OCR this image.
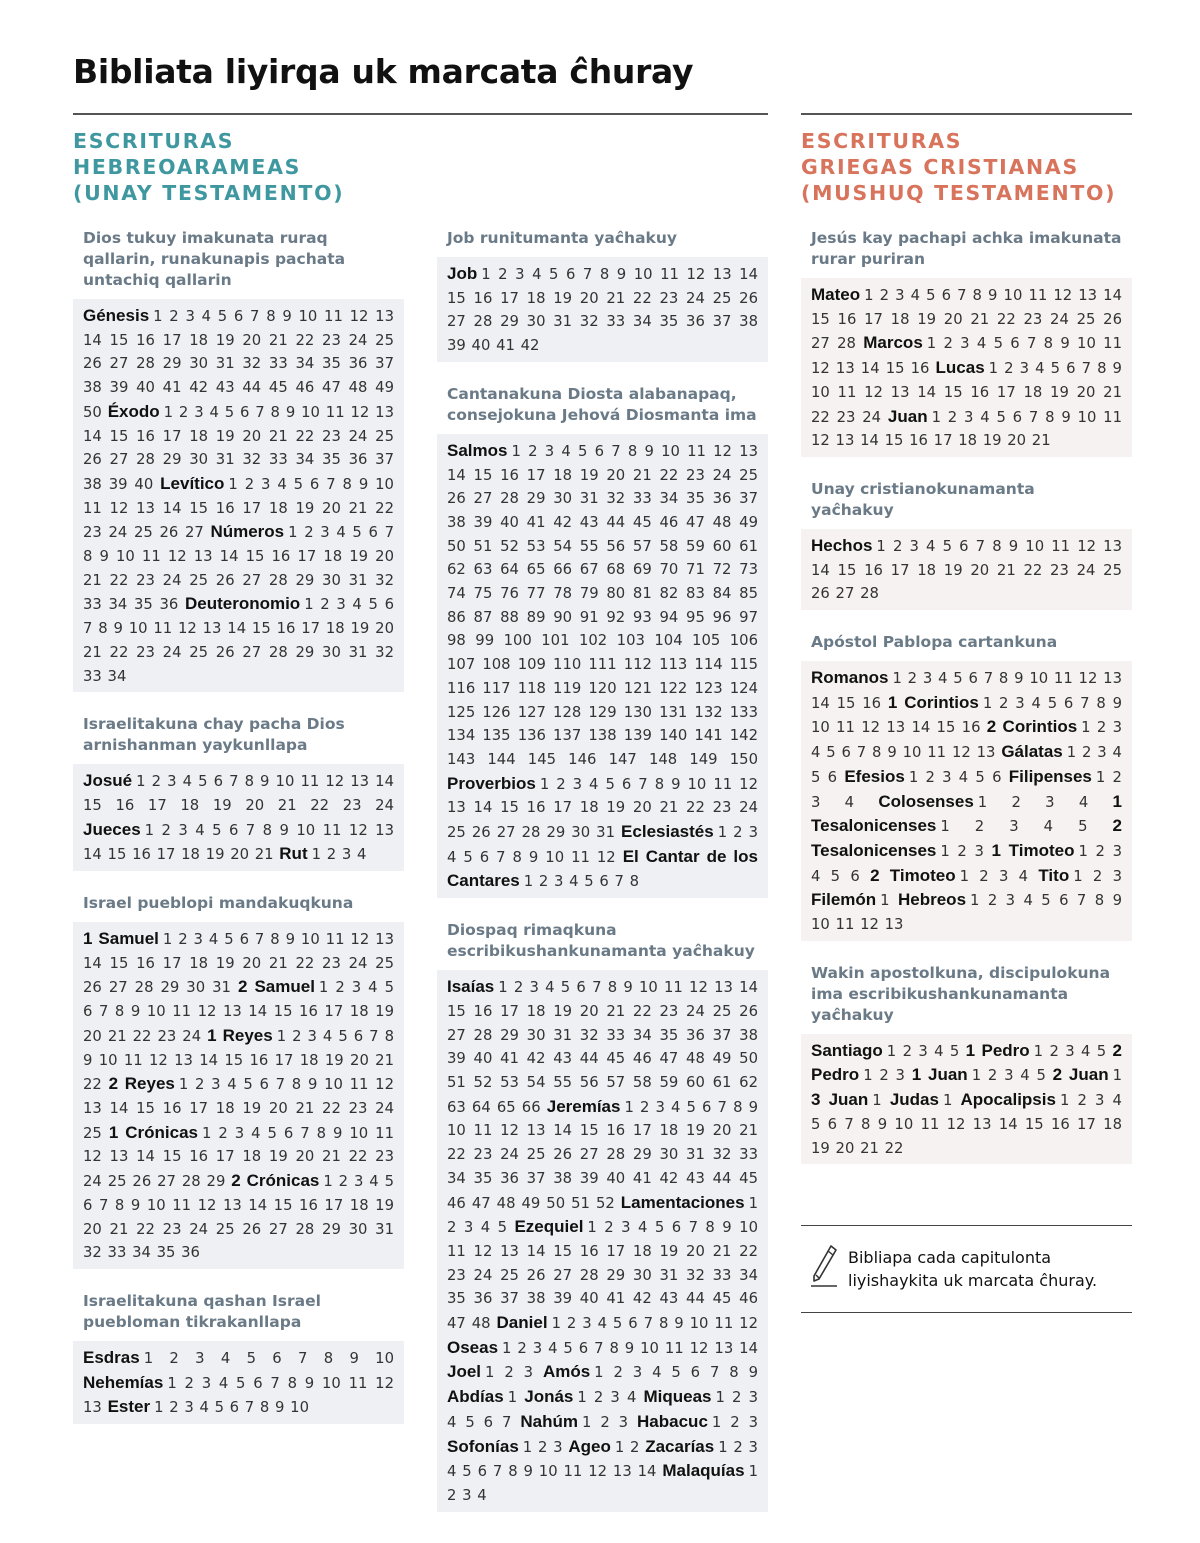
Bibliata liyirqa uk marcata ĉhuray
ESCRITURAS
HEBREOARAMEAS
(UNAY TESTAMENTO)
ESCRITURAS
GRIEGAS CRISTIANAS
(MUSHUQ TESTAMENTO)
Dios tukuy imakunata ruraq qallarin, runakunapis pachata untachiq qallarin
Génesis 1 2 3 4 5 6 7 8 9 10 11 12 13 14 15 16 17 18 19 20 21 22 23 24 25 26 27 28 29 30 31 32 33 34 35 36 37 38 39 40 41 42 43 44 45 46 47 48 49 50 Éxodo 1 2 3 4 5 6 7 8 9 10 11 12 13 14 15 16 17 18 19 20 21 22 23 24 25 26 27 28 29 30 31 32 33 34 35 36 37 38 39 40 Levítico 1 2 3 4 5 6 7 8 9 10 11 12 13 14 15 16 17 18 19 20 21 22 23 24 25 26 27 Números 1 2 3 4 5 6 7 8 9 10 11 12 13 14 15 16 17 18 19 20 21 22 23 24 25 26 27 28 29 30 31 32 33 34 35 36 Deuteronomio 1 2 3 4 5 6 7 8 9 10 11 12 13 14 15 16 17 18 19 20 21 22 23 24 25 26 27 28 29 30 31 32 33 34
Israelitakuna chay pacha Dios arnishanman yaykunllapa
Josué 1 2 3 4 5 6 7 8 9 10 11 12 13 14 15 16 17 18 19 20 21 22 23 24 Jueces 1 2 3 4 5 6 7 8 9 10 11 12 13 14 15 16 17 18 19 20 21 Rut 1 2 3 4
Israel pueblopi mandakuqkuna
1 Samuel 1 2 3 4 5 6 7 8 9 10 11 12 13 14 15 16 17 18 19 20 21 22 23 24 25 26 27 28 29 30 31 2 Samuel 1 2 3 4 5 6 7 8 9 10 11 12 13 14 15 16 17 18 19 20 21 22 23 24 1 Reyes 1 2 3 4 5 6 7 8 9 10 11 12 13 14 15 16 17 18 19 20 21 22 2 Reyes 1 2 3 4 5 6 7 8 9 10 11 12 13 14 15 16 17 18 19 20 21 22 23 24 25 1 Crónicas 1 2 3 4 5 6 7 8 9 10 11 12 13 14 15 16 17 18 19 20 21 22 23 24 25 26 27 28 29 2 Crónicas 1 2 3 4 5 6 7 8 9 10 11 12 13 14 15 16 17 18 19 20 21 22 23 24 25 26 27 28 29 30 31 32 33 34 35 36
Israelitakuna qashan Israel puebloman tikrakanllapa
Esdras 1 2 3 4 5 6 7 8 9 10 Nehemías 1 2 3 4 5 6 7 8 9 10 11 12 13 Ester 1 2 3 4 5 6 7 8 9 10
Job runitumanta yaĉhakuy
Job 1 2 3 4 5 6 7 8 9 10 11 12 13 14 15 16 17 18 19 20 21 22 23 24 25 26 27 28 29 30 31 32 33 34 35 36 37 38 39 40 41 42
Cantanakuna Diosta alabanapaq, consejokuna Jehová Diosmanta ima
Salmos 1 2 3 4 5 6 7 8 9 10 11 12 13 14 15 16 17 18 19 20 21 22 23 24 25 26 27 28 29 30 31 32 33 34 35 36 37 38 39 40 41 42 43 44 45 46 47 48 49 50 51 52 53 54 55 56 57 58 59 60 61 62 63 64 65 66 67 68 69 70 71 72 73 74 75 76 77 78 79 80 81 82 83 84 85 86 87 88 89 90 91 92 93 94 95 96 97 98 99 100 101 102 103 104 105 106 107 108 109 110 111 112 113 114 115 116 117 118 119 120 121 122 123 124 125 126 127 128 129 130 131 132 133 134 135 136 137 138 139 140 141 142 143 144 145 146 147 148 149 150 Proverbios 1 2 3 4 5 6 7 8 9 10 11 12 13 14 15 16 17 18 19 20 21 22 23 24 25 26 27 28 29 30 31 Eclesiastés 1 2 3 4 5 6 7 8 9 10 11 12 El Cantar de los Cantares 1 2 3 4 5 6 7 8
Diospaq rimaqkuna escribikushankunamanta yaĉhakuy
Isaías 1 2 3 4 5 6 7 8 9 10 11 12 13 14 15 16 17 18 19 20 21 22 23 24 25 26 27 28 29 30 31 32 33 34 35 36 37 38 39 40 41 42 43 44 45 46 47 48 49 50 51 52 53 54 55 56 57 58 59 60 61 62 63 64 65 66 Jeremías 1 2 3 4 5 6 7 8 9 10 11 12 13 14 15 16 17 18 19 20 21 22 23 24 25 26 27 28 29 30 31 32 33 34 35 36 37 38 39 40 41 42 43 44 45 46 47 48 49 50 51 52 Lamentaciones 1 2 3 4 5 Ezequiel 1 2 3 4 5 6 7 8 9 10 11 12 13 14 15 16 17 18 19 20 21 22 23 24 25 26 27 28 29 30 31 32 33 34 35 36 37 38 39 40 41 42 43 44 45 46 47 48 Daniel 1 2 3 4 5 6 7 8 9 10 11 12 Oseas 1 2 3 4 5 6 7 8 9 10 11 12 13 14 Joel 1 2 3 Amós 1 2 3 4 5 6 7 8 9 Abdías 1 Jonás 1 2 3 4 Miqueas 1 2 3 4 5 6 7 Nahúm 1 2 3 Habacuc 1 2 3 Sofonías 1 2 3 Ageo 1 2 Zacarías 1 2 3 4 5 6 7 8 9 10 11 12 13 14 Malaquías 1 2 3 4
Jesús kay pachapi achka imakunata rurar puriran
Mateo 1 2 3 4 5 6 7 8 9 10 11 12 13 14 15 16 17 18 19 20 21 22 23 24 25 26 27 28 Marcos 1 2 3 4 5 6 7 8 9 10 11 12 13 14 15 16 Lucas 1 2 3 4 5 6 7 8 9 10 11 12 13 14 15 16 17 18 19 20 21 22 23 24 Juan 1 2 3 4 5 6 7 8 9 10 11 12 13 14 15 16 17 18 19 20 21
Unay cristianokunamanta yaĉhakuy
Hechos 1 2 3 4 5 6 7 8 9 10 11 12 13 14 15 16 17 18 19 20 21 22 23 24 25 26 27 28
Apóstol Pablopa cartankuna
Romanos 1 2 3 4 5 6 7 8 9 10 11 12 13 14 15 16 1 Corintios 1 2 3 4 5 6 7 8 9 10 11 12 13 14 15 16 2 Corintios 1 2 3 4 5 6 7 8 9 10 11 12 13 Gálatas 1 2 3 4 5 6 Efesios 1 2 3 4 5 6 Filipenses 1 2 3 4 Colosenses 1 2 3 4 1 Tesalonicenses 1 2 3 4 5 2 Tesalonicenses 1 2 3 1 Timoteo 1 2 3 4 5 6 2 Timoteo 1 2 3 4 Tito 1 2 3 Filemón 1 Hebreos 1 2 3 4 5 6 7 8 9 10 11 12 13
Wakin apostolkuna, discipulokuna ima escribikushankunamanta yaĉhakuy
Santiago 1 2 3 4 5 1 Pedro 1 2 3 4 5 2 Pedro 1 2 3 1 Juan 1 2 3 4 5 2 Juan 1 3 Juan 1 Judas 1 Apocalipsis 1 2 3 4 5 6 7 8 9 10 11 12 13 14 15 16 17 18 19 20 21 22
Bibliapa cada capitulonta liyishaykita uk marcata ĉhuray.
